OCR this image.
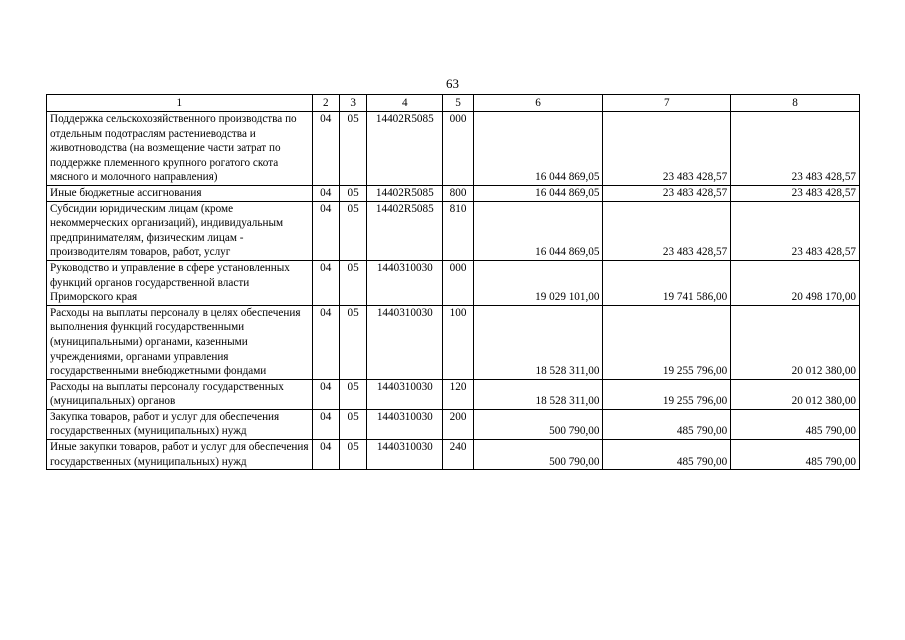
63
1	2	3	4	5	6	7	8
Поддержка сельскохозяйственного производства по отдельным подотраслям растениеводства и животноводства (на возмещение части затрат по поддержке племенного крупного рогатого скота мясного и молочного направления)	04	05	14402R5085	000	16 044 869,05	23 483 428,57	23 483 428,57
Иные бюджетные ассигнования	04	05	14402R5085	800	16 044 869,05	23 483 428,57	23 483 428,57
Субсидии юридическим лицам (кроме некоммерческих организаций), индивидуальным предпринимателям, физическим лицам - производителям товаров, работ, услуг	04	05	14402R5085	810	16 044 869,05	23 483 428,57	23 483 428,57
Руководство и управление в сфере установленных функций органов государственной власти Приморского края	04	05	1440310030	000	19 029 101,00	19 741 586,00	20 498 170,00
Расходы на выплаты персоналу в целях обеспечения выполнения функций государственными (муниципальными) органами, казенными учреждениями, органами управления государственными внебюджетными фондами	04	05	1440310030	100	18 528 311,00	19 255 796,00	20 012 380,00
Расходы на выплаты персоналу государственных (муниципальных) органов	04	05	1440310030	120	18 528 311,00	19 255 796,00	20 012 380,00
Закупка товаров, работ и услуг для обеспечения государственных (муниципальных) нужд	04	05	1440310030	200	500 790,00	485 790,00	485 790,00
Иные закупки товаров, работ и услуг для обеспечения государственных (муниципальных) нужд	04	05	1440310030	240	500 790,00	485 790,00	485 790,00
